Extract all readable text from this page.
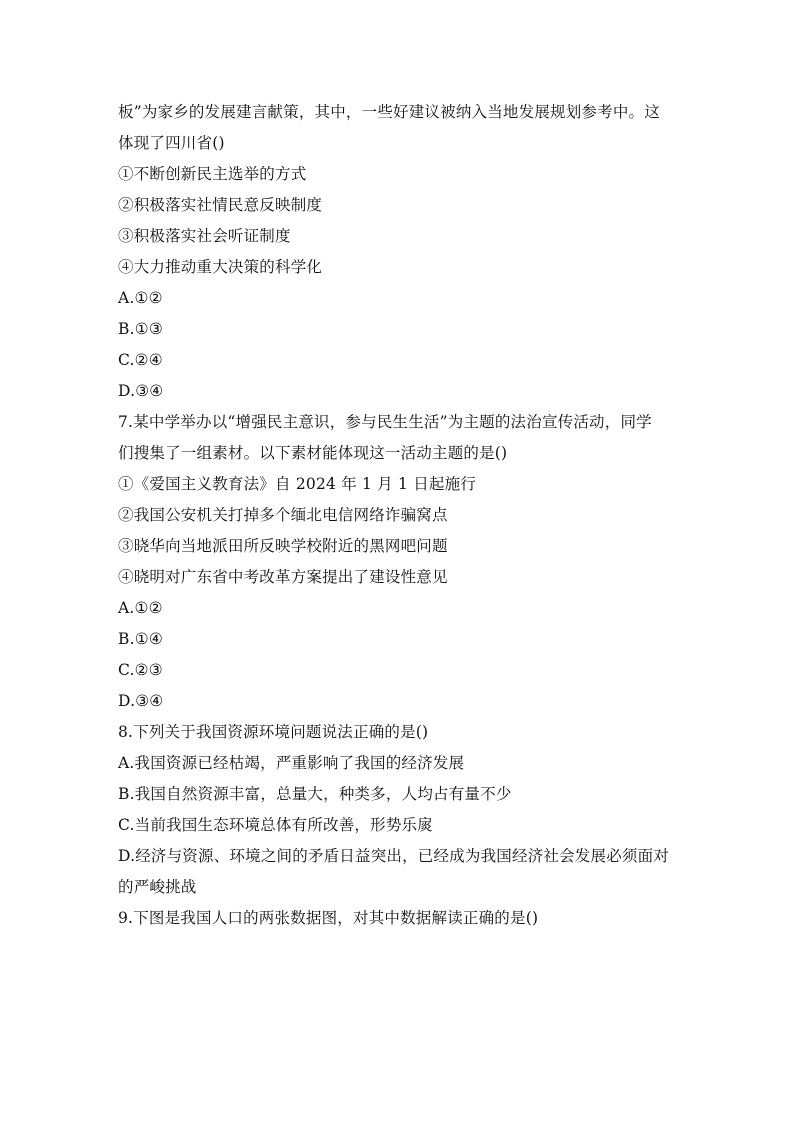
板”为家乡的发展建言献策，其中，一些好建议被纳入当地发展规划参考中。这
体现了四川省()
①不断创新民主选举的方式
②积极落实社情民意反映制度
③积极落实社会听证制度
④大力推动重大决策的科学化
A.①②
B.①③
C.②④
D.③④
7.某中学举办以“增强民主意识，参与民生生活”为主题的法治宣传活动，同学
们搜集了一组素材。以下素材能体现这一活动主题的是()
①《爱国主义教育法》自 2024 年 1 月 1 日起施行
②我国公安机关打掉多个缅北电信网络诈骗窝点
③晓华向当地派田所反映学校附近的黑网吧问题
④晓明对广东省中考改革方案提出了建设性意见
A.①②
B.①④
C.②③
D.③④
8.下列关于我国资源环境问题说法正确的是()
A.我国资源已经枯竭，严重影响了我国的经济发展
B.我国自然资源丰富，总量大，种类多，人均占有量不少
C.当前我国生态环境总体有所改善，形势乐扊
D.经济与资源、环境之间的矛盾日益突出，已经成为我国经济社会发展必须面对
的严峻挑战
9.下图是我国人口的两张数据图，对其中数据解读正确的是()
